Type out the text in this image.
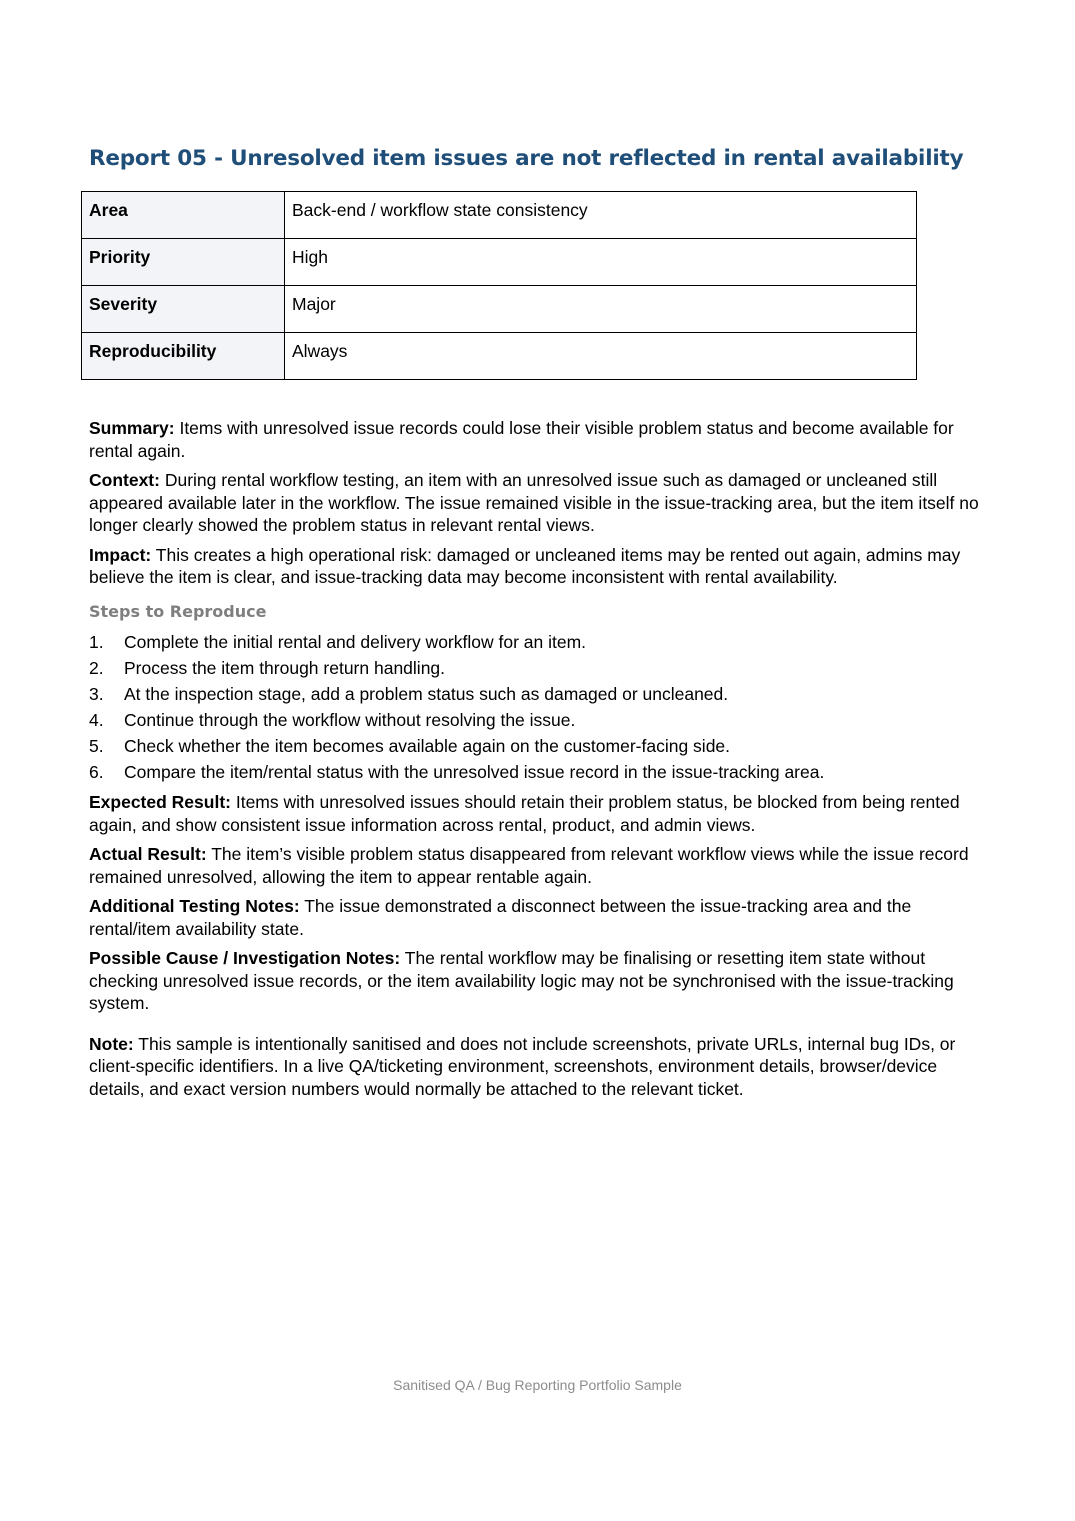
Report 05 - Unresolved item issues are not reflected in rental availability
Area	Back-end / workflow state consistency
Priority	High
Severity	Major
Reproducibility	Always

Summary: Items with unresolved issue records could lose their visible problem status and become available for rental again.

Context: During rental workflow testing, an item with an unresolved issue such as damaged or uncleaned still appeared available later in the workflow. The issue remained visible in the issue-tracking area, but the item itself no longer clearly showed the problem status in relevant rental views.

Impact: This creates a high operational risk: damaged or uncleaned items may be rented out again, admins may believe the item is clear, and issue-tracking data may become inconsistent with rental availability.

Steps to Reproduce
1. Complete the initial rental and delivery workflow for an item.
2. Process the item through return handling.
3. At the inspection stage, add a problem status such as damaged or uncleaned.
4. Continue through the workflow without resolving the issue.
5. Check whether the item becomes available again on the customer-facing side.
6. Compare the item/rental status with the unresolved issue record in the issue-tracking area.

Expected Result: Items with unresolved issues should retain their problem status, be blocked from being rented again, and show consistent issue information across rental, product, and admin views.

Actual Result: The item’s visible problem status disappeared from relevant workflow views while the issue record remained unresolved, allowing the item to appear rentable again.

Additional Testing Notes: The issue demonstrated a disconnect between the issue-tracking area and the rental/item availability state.

Possible Cause / Investigation Notes: The rental workflow may be finalising or resetting item state without checking unresolved issue records, or the item availability logic may not be synchronised with the issue-tracking system.

Note: This sample is intentionally sanitised and does not include screenshots, private URLs, internal bug IDs, or client-specific identifiers. In a live QA/ticketing environment, screenshots, environment details, browser/device details, and exact version numbers would normally be attached to the relevant ticket.

Sanitised QA / Bug Reporting Portfolio Sample
